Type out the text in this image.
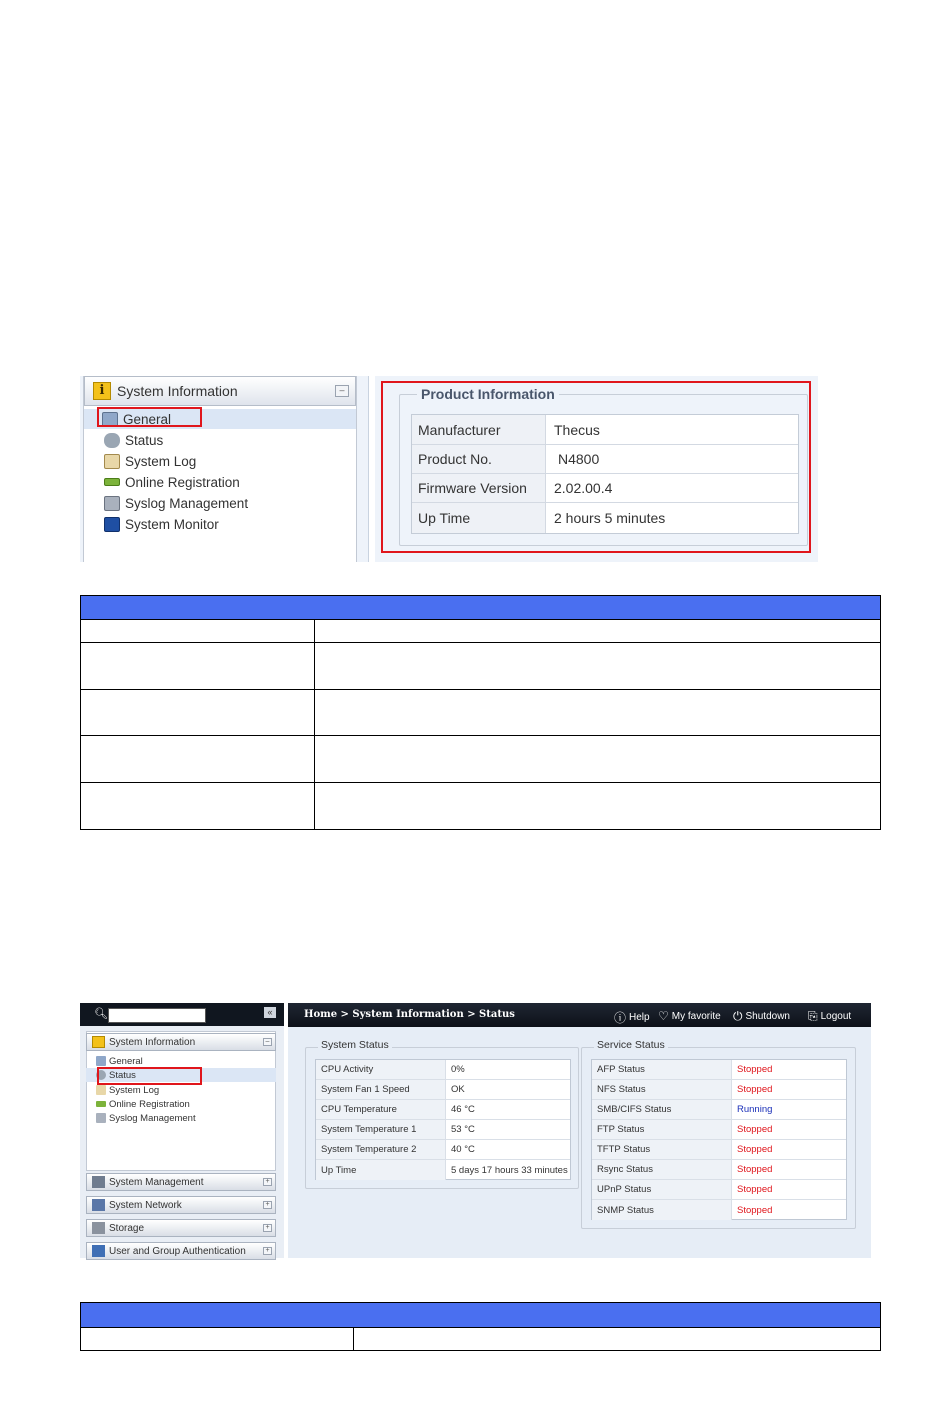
i System Information	–
General
Status
System Log
Online Registration
Syslog Management
System Monitor
Product Information
Manufacturer	Thecus
Product No.	N4800
Firmware Version	2.02.00.4
Up Time	2 hours 5 minutes

🔍︎	«
System Information	–
General
Status
System Log
Online Registration
Syslog Management
System Management	+
System Network	+
Storage	+
User and Group Authentication	+
Home > System Information > Status	ⓘ Help ♡ My favorite ⏻ Shutdown ⎘ Logout
System Status
CPU Activity	0%
System Fan 1 Speed	OK
CPU Temperature	46 °C
System Temperature 1	53 °C
System Temperature 2	40 °C
Up Time	5 days 17 hours 33 minutes
Service Status
AFP Status	Stopped
NFS Status	Stopped
SMB/CIFS Status	Running
FTP Status	Stopped
TFTP Status	Stopped
Rsync Status	Stopped
UPnP Status	Stopped
SNMP Status	Stopped
